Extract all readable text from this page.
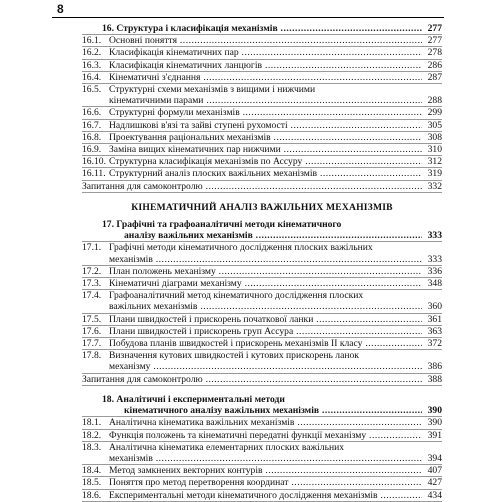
8
16. Структура і класифікація механізмів .....	277
16.1. Основні поняття .....	277
16.2. Класифікація кінематичних пар .....	278
16.3. Класифікація кінематичних ланцюгів .....	286
16.4. Кінематичні з'єднання .....	287
16.5. Структурні схеми механізмів з вищими і нижчими
кінематичними парами .....	288
16.6. Структурні формули механізмів .....	299
16.7. Надлишкові в'язі та зайві ступені рухомості .....	305
16.8. Проектування раціональних механізмів .....	308
16.9. Заміна вищих кінематичних пар нижчими .....	310
16.10. Структурна класифікація механізмів по Ассуру .....	312
16.11. Структурний аналіз плоских важільних механізмів .....	319
Запитання для самоконтролю .....	332
КІНЕМАТИЧНИЙ АНАЛІЗ ВАЖІЛЬНИХ МЕХАНІЗМІВ
17. Графічні та графоаналітичні методи кінематичного
аналізу важільних механізмів .....	333
17.1. Графічні методи кінематичного дослідження плоских важільних
механізмів .....	333
17.2. План положень механізму .....	336
17.3. Кінематичні діаграми механізму .....	348
17.4. Графоаналітичний метод кінематичного дослідження плоских
важільних механізмів .....	360
17.5. Плани швидкостей і прискорень початкової ланки .....	361
17.6. Плани швидкостей і прискорень груп Ассура .....	363
17.7. Побудова планів швидкостей і прискорень механізмів II класу .....	372
17.8. Визначення кутових швидкостей і кутових прискорень ланок
механізму .....	386
Запитання для самоконтролю .....	388
18. Аналітичні і експериментальні методи
кінематичного аналізу важільних механізмів .....	390
18.1. Аналітична кінематика важільних механізмів .....	390
18.2. Функція положень та кінематичні передатні функції механізму .....	391
18.3. Аналітична кінематика елементарних плоских важільних
механізмів .....	394
18.4. Метод замкнених векторних контурів .....	407
18.5. Поняття про метод перетворення координат .....	427
18.6. Експериментальні методи кінематичного дослідження механізмів .....	434
